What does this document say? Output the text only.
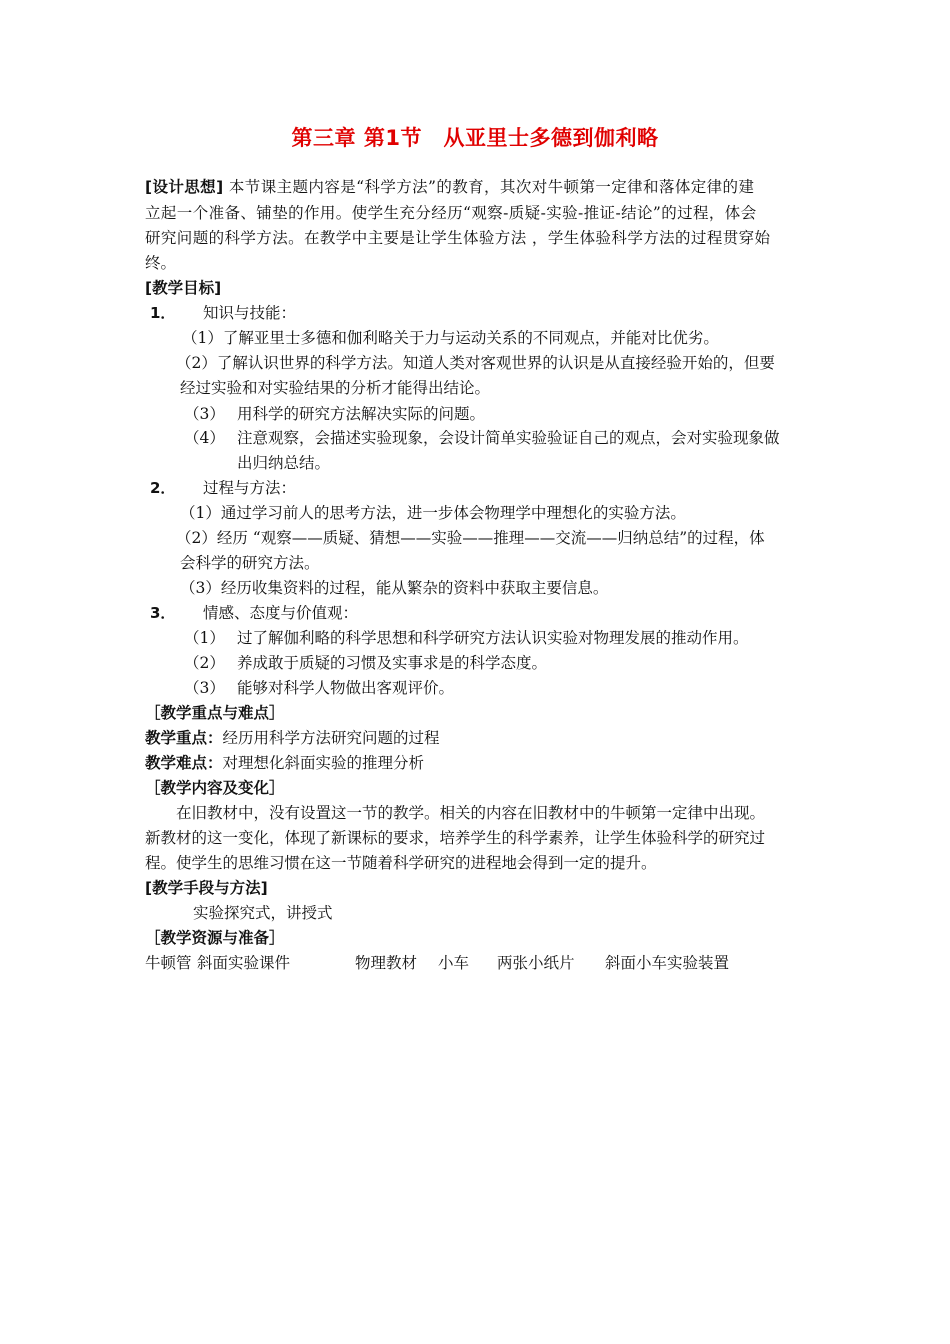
第三章 第1节　从亚里士多德到伽利略
[设计思想] 本节课主题内容是“科学方法”的教育，其次对牛顿第一定律和落体定律的建
立起一个准备、铺垫的作用。使学生充分经历“观察-质疑-实验-推证-结论”的过程，体会
研究问题的科学方法。在教学中主要是让学生体验方法 ，学生体验科学方法的过程贯穿始
终。
[教学目标]
1． 知识与技能：
（1）了解亚里士多德和伽利略关于力与运动关系的不同观点，并能对比优劣。
（2）了解认识世界的科学方法。知道人类对客观世界的认识是从直接经验开始的，但要
经过实验和对实验结果的分析才能得出结论。
（3） 用科学的研究方法解决实际的问题。
（4） 注意观察，会描述实验现象，会设计简单实验验证自己的观点，会对实验现象做
出归纳总结。
2． 过程与方法：
（1）通过学习前人的思考方法，进一步体会物理学中理想化的实验方法。
（2）经历 “观察——质疑、猜想——实验——推理——交流——归纳总结”的过程，体
会科学的研究方法。
（3）经历收集资料的过程，能从繁杂的资料中获取主要信息。
3． 情感、态度与价值观：
（1） 过了解伽利略的科学思想和科学研究方法认识实验对物理发展的推动作用。
（2） 养成敢于质疑的习惯及实事求是的科学态度。
（3） 能够对科学人物做出客观评价。
［教学重点与难点］
教学重点：经历用科学方法研究问题的过程
教学难点：对理想化斜面实验的推理分析
［教学内容及变化］
在旧教材中，没有设置这一节的教学。相关的内容在旧教材中的牛顿第一定律中出现。
新教材的这一变化，体现了新课标的要求，培养学生的科学素养，让学生体验科学的研究过
程。使学生的思维习惯在这一节随着科学研究的进程地会得到一定的提升。
[教学手段与方法]
实验探究式，讲授式
［教学资源与准备］
牛顿管 斜面实验课件	物理教材 小车 两张小纸片 斜面小车实验装置
